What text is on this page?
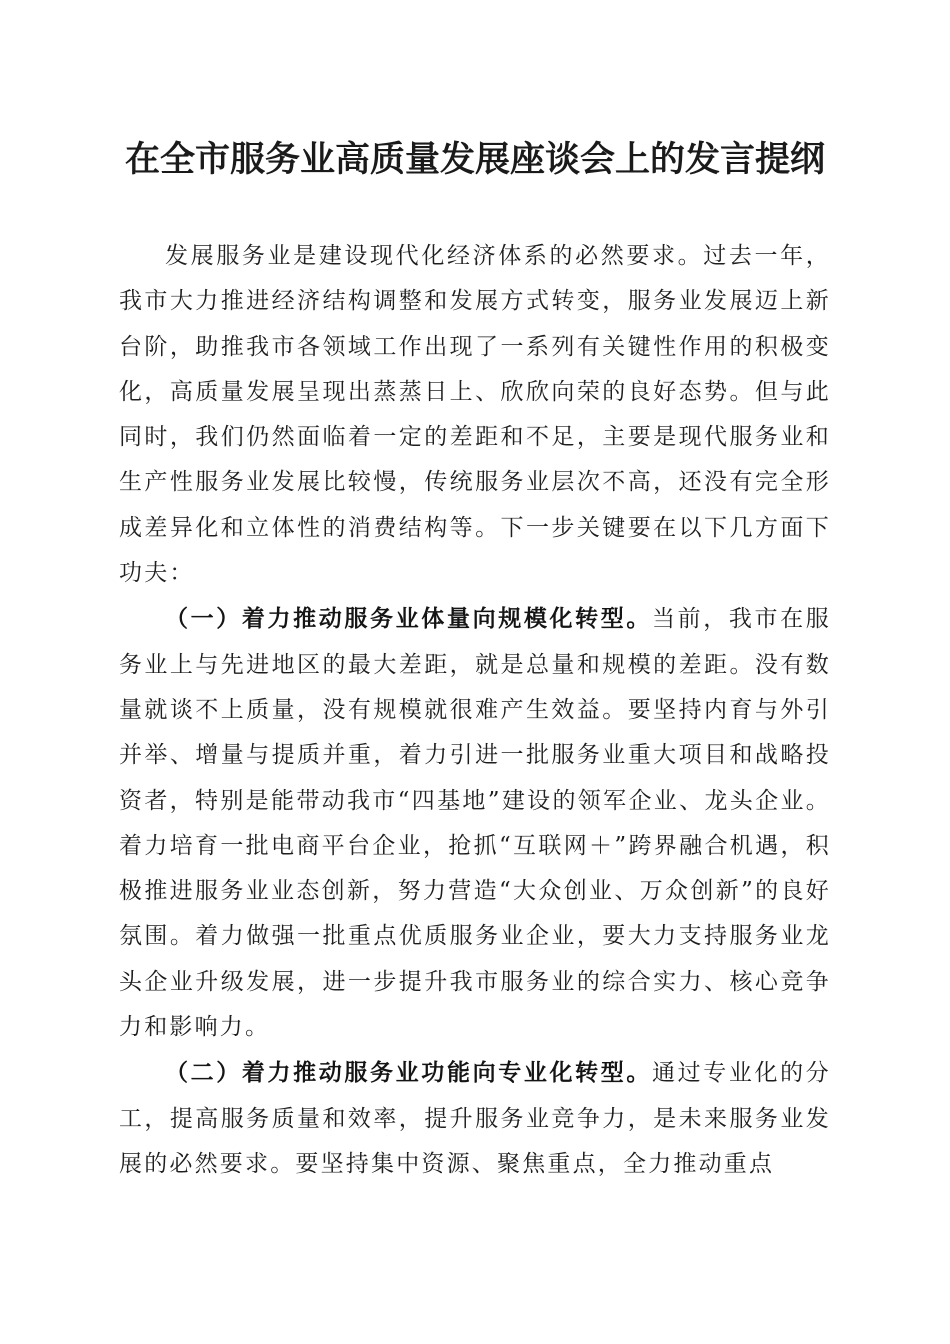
在全市服务业高质量发展座谈会上的发言提纲

发展服务业是建设现代化经济体系的必然要求。过去一年，我市大力推进经济结构调整和发展方式转变，服务业发展迈上新台阶，助推我市各领域工作出现了一系列有关键性作用的积极变化，高质量发展呈现出蒸蒸日上、欣欣向荣的良好态势。但与此同时，我们仍然面临着一定的差距和不足，主要是现代服务业和生产性服务业发展比较慢，传统服务业层次不高，还没有完全形成差异化和立体性的消费结构等。下一步关键要在以下几方面下功夫：

（一）着力推动服务业体量向规模化转型。当前，我市在服务业上与先进地区的最大差距，就是总量和规模的差距。没有数量就谈不上质量，没有规模就很难产生效益。要坚持内育与外引并举、增量与提质并重，着力引进一批服务业重大项目和战略投资者，特别是能带动我市“四基地”建设的领军企业、龙头企业。着力培育一批电商平台企业，抢抓“互联网＋”跨界融合机遇，积极推进服务业业态创新，努力营造“大众创业、万众创新”的良好氛围。着力做强一批重点优质服务业企业，要大力支持服务业龙头企业升级发展，进一步提升我市服务业的综合实力、核心竞争力和影响力。

（二）着力推动服务业功能向专业化转型。通过专业化的分工，提高服务质量和效率，提升服务业竞争力，是未来服务业发展的必然要求。要坚持集中资源、聚焦重点，全力推动重点
